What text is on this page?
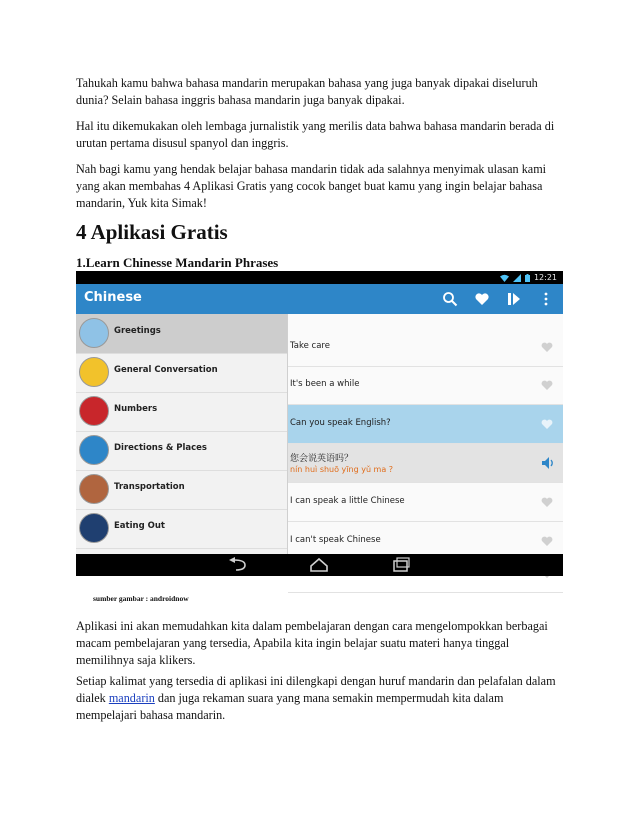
Tahukah kamu bahwa bahasa mandarin merupakan bahasa yang juga banyak dipakai diseluruh dunia? Selain bahasa inggris bahasa mandarin juga banyak dipakai.

Hal itu dikemukakan oleh lembaga jurnalistik yang merilis data bahwa bahasa mandarin berada di urutan pertama disusul spanyol dan inggris.

Nah bagi kamu yang hendak belajar bahasa mandarin tidak ada salahnya menyimak ulasan kami yang akan membahas 4 Aplikasi Gratis yang cocok banget buat kamu yang ingin belajar bahasa mandarin, Yuk kita Simak!

4 Aplikasi Gratis
1.Learn Chinesse Mandarin Phrases
12:21
Chinese
Greetings
General Conversation
Numbers
Directions & Places
Transportation
Eating Out
Take care
It's been a while
Can you speak English?
您会说英语吗？
nín huì shuō yīng yǔ ma ?
I can speak a little Chinese
I can't speak Chinese

sumber gambar : androidnow

Aplikasi ini akan memudahkan kita dalam pembelajaran dengan cara mengelompokkan berbagai macam pembelajaran yang tersedia, Apabila kita ingin belajar suatu materi hanya tinggal memilihnya saja klikers.

Setiap kalimat yang tersedia di aplikasi ini dilengkapi dengan huruf mandarin dan pelafalan dalam dialek mandarin dan juga rekaman suara yang mana semakin mempermudah kita dalam mempelajari bahasa mandarin.
